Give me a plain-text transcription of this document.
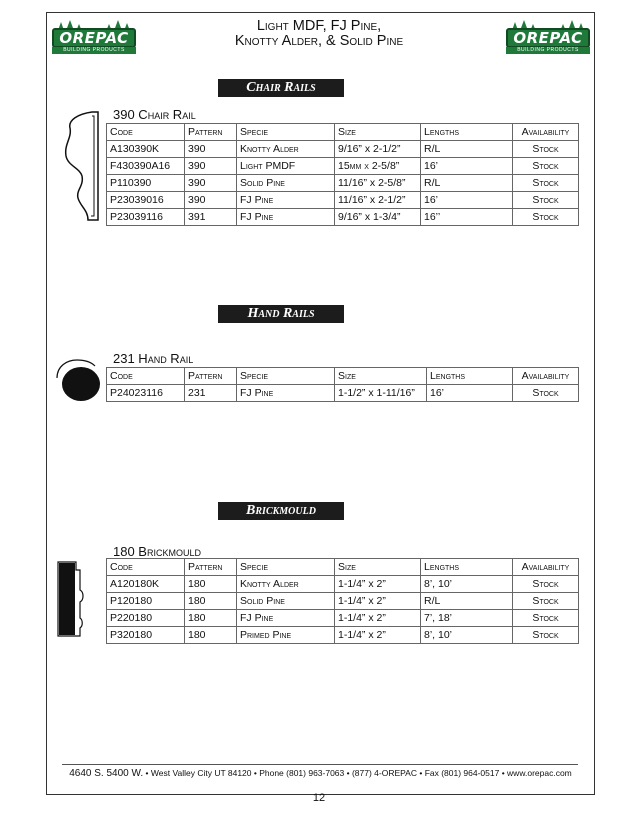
OREPAC
BUILDING PRODUCTS
OREPAC
BUILDING PRODUCTS
Light MDF, FJ Pine,
Knotty Alder, & Solid Pine
Chair Rails
390 Chair Rail
Code	Pattern	Specie	Size	Lengths	Availability
A130390K	390	Knotty Alder	9/16” x 2-1/2”	R/L	Stock
F430390A16	390	Light PMDF	15mm x 2-5/8”	16’	Stock
P110390	390	Solid Pine	11/16” x 2-5/8”	R/L	Stock
P23039016	390	FJ Pine	11/16” x 2-1/2”	16’	Stock
P23039116	391	FJ Pine	9/16” x 1-3/4”	16’’	Stock
Hand Rails
231 Hand Rail
Code	Pattern	Specie	Size	Lengths	Availability
P24023116	231	FJ Pine	1-1/2” x 1-11/16”	16’	Stock
Brickmould
180 Brickmould
Code	Pattern	Specie	Size	Lengths	Availability
A120180K	180	Knotty Alder	1-1/4” x 2”	8’, 10’	Stock
P120180	180	Solid Pine	1-1/4” x 2”	R/L	Stock
P220180	180	FJ Pine	1-1/4” x 2”	7’, 18’	Stock
P320180	180	Primed Pine	1-1/4” x 2”	8’, 10’	Stock
4640 S. 5400 W. • West Valley City UT 84120 • Phone (801) 963-7063 • (877) 4-OREPAC • Fax (801) 964-0517 • www.orepac.com
12
